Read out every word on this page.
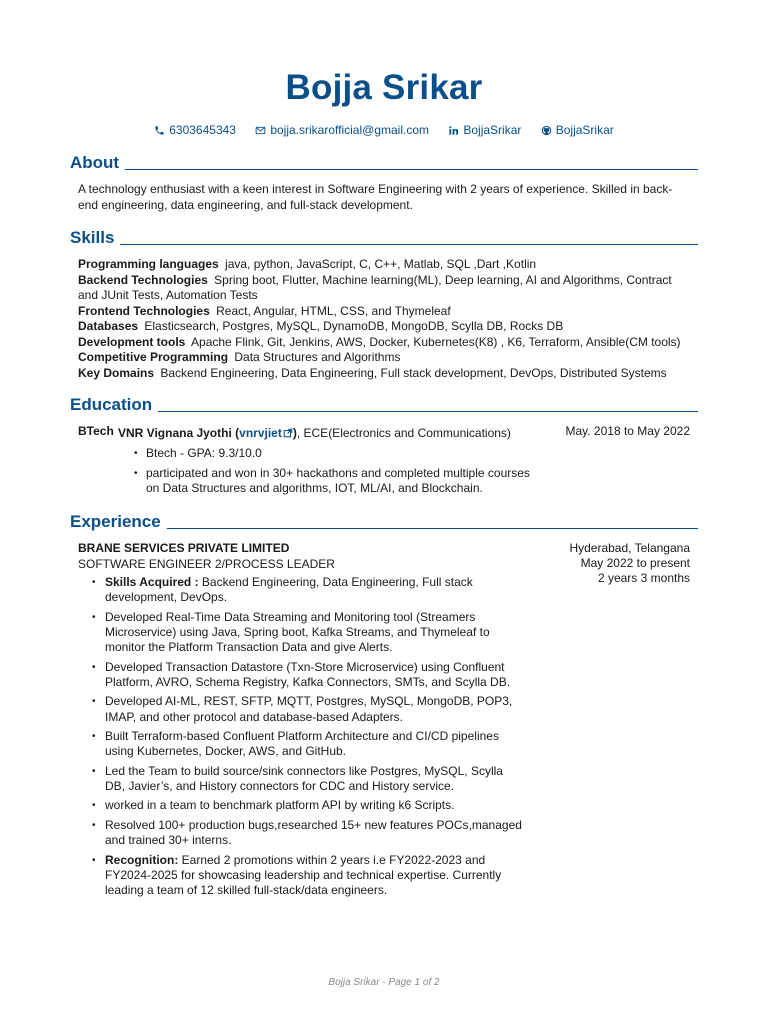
Bojja Srikar
6303645343
	bojja.srikarofficial@gmail.com
	BojjaSrikar
	BojjaSrikar
About
A technology enthusiast with a keen interest in Software Engineering with 2 years of experience. Skilled in back-end engineering, data engineering, and full-stack development.
Skills
Programming languages java, python, JavaScript, C, C++, Matlab, SQL ,Dart ,Kotlin
Backend Technologies Spring boot, Flutter, Machine learning(ML), Deep learning, AI and Algorithms, Contract and JUnit Tests, Automation Tests
Frontend Technologies React, Angular, HTML, CSS, and Thymeleaf
Databases Elasticsearch, Postgres, MySQL, DynamoDB, MongoDB, Scylla DB, Rocks DB
Development tools Apache Flink, Git, Jenkins, AWS, Docker, Kubernetes(K8) , K6, Terraform, Ansible(CM tools)
Competitive Programming Data Structures and Algorithms
Key Domains Backend Engineering, Data Engineering, Full stack development, DevOps, Distributed Systems
Education
BTech VNR Vignana Jyothi (vnrvjiet ), ECE(Electronics and Communications)	May. 2018 to May 2022
• Btech - GPA: 9.3/10.0
• participated and won in 30+ hackathons and completed multiple courses on Data Structures and algorithms, IOT, ML/AI, and Blockchain.
Experience
BRANE SERVICES PRIVATE LIMITED
SOFTWARE ENGINEER 2/PROCESS LEADER
Hyderabad, Telangana
May 2022 to present
2 years 3 months
• Skills Acquired : Backend Engineering, Data Engineering, Full stack development, DevOps.
• Developed Real-Time Data Streaming and Monitoring tool (Streamers Microservice) using Java, Spring boot, Kafka Streams, and Thymeleaf to monitor the Platform Transaction Data and give Alerts.
• Developed Transaction Datastore (Txn-Store Microservice) using Confluent Platform, AVRO, Schema Registry, Kafka Connectors, SMTs, and Scylla DB.
• Developed AI-ML, REST, SFTP, MQTT, Postgres, MySQL, MongoDB, POP3, IMAP, and other protocol and database-based Adapters.
• Built Terraform-based Confluent Platform Architecture and CI/CD pipelines using Kubernetes, Docker, AWS, and GitHub.
• Led the Team to build source/sink connectors like Postgres, MySQL, Scylla DB, Javier’s, and History connectors for CDC and History service.
• worked in a team to benchmark platform API by writing k6 Scripts.
• Resolved 100+ production bugs,researched 15+ new features POCs,managed and trained 30+ interns.
• Recognition: Earned 2 promotions within 2 years i.e FY2022-2023 and FY2024-2025 for showcasing leadership and technical expertise. Currently leading a team of 12 skilled full-stack/data engineers.
Bojja Srikar - Page 1 of 2
